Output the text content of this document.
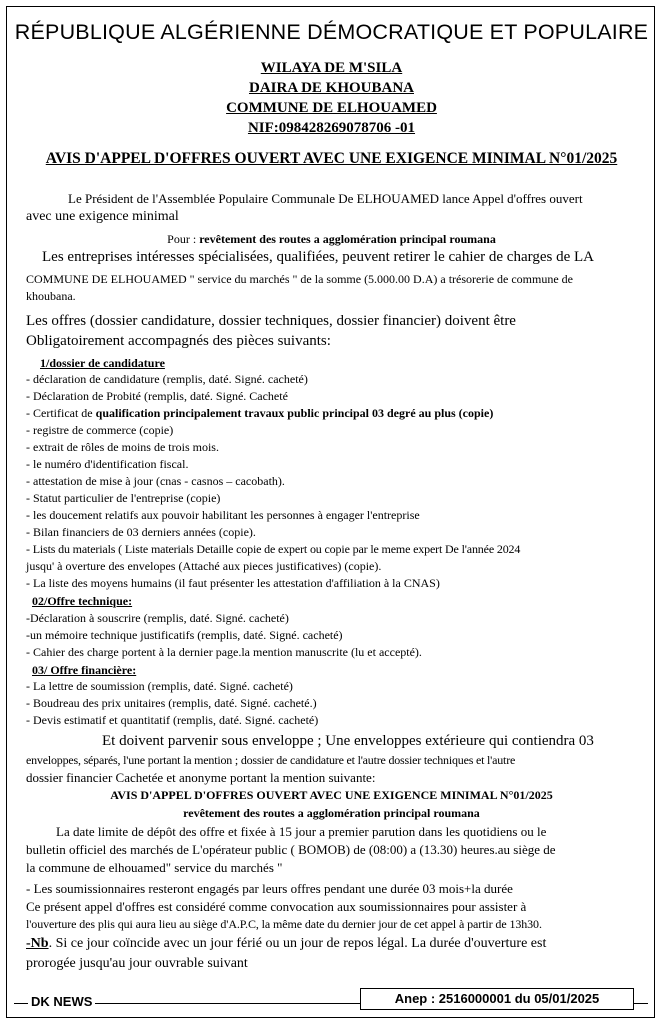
RÉPUBLIQUE ALGÉRIENNE DÉMOCRATIQUE ET POPULAIRE
WILAYA DE M'SILA
DAIRA DE KHOUBANA
COMMUNE DE ELHOUAMED
NIF:098428269078706 -01
AVIS D'APPEL D'OFFRES OUVERT AVEC UNE EXIGENCE MINIMAL N°01/2025
Le Président de l'Assemblée Populaire Communale De ELHOUAMED lance Appel d'offres ouvert
avec une exigence minimal
Pour : revêtement des routes a agglomération principal roumana
Les entreprises intéresses spécialisées, qualifiées, peuvent retirer le cahier de charges de LA
COMMUNE DE ELHOUAMED " service du marchés " de la somme (5.000.00 D.A) a trésorerie de commune de
khoubana.
Les offres (dossier candidature, dossier techniques, dossier financier) doivent être
Obligatoirement accompagnés des pièces suivants:
1/dossier de candidature
- déclaration de candidature (remplis, daté. Signé. cacheté)
- Déclaration de Probité (remplis, daté. Signé. Cacheté
- Certificat de qualification principalement travaux public principal 03 degré au plus (copie)
- registre de commerce (copie)
- extrait de rôles de moins de trois mois.
- le numéro d'identification fiscal.
- attestation de mise à jour (cnas - casnos – cacobath).
- Statut particulier de l'entreprise (copie)
- les doucement relatifs aux pouvoir habilitant les personnes à engager l'entreprise
- Bilan financiers de 03 derniers années (copie).
- Lists du materials ( Liste materials Detaille copie de expert ou copie par le meme expert De l'année 2024
jusqu' à overture des envelopes (Attaché aux pieces justificatives) (copie).
- La liste des moyens humains (il faut présenter les attestation d'affiliation à la CNAS)
02/Offre technique:
-Déclaration à souscrire (remplis, daté. Signé. cacheté)
-un mémoire technique justificatifs (remplis, daté. Signé. cacheté)
- Cahier des charge portent à la dernier page.la mention manuscrite (lu et accepté).
03/ Offre financière:
- La lettre de soumission (remplis, daté. Signé. cacheté)
- Boudreau des prix unitaires (remplis, daté. Signé. cacheté.)
- Devis estimatif et quantitatif (remplis, daté. Signé. cacheté)
Et doivent parvenir sous enveloppe ; Une enveloppes extérieure qui contiendra 03
enveloppes, séparés, l'une portant la mention ; dossier de candidature et l'autre dossier techniques et l'autre
dossier financier Cachetée et anonyme portant la mention suivante:
AVIS D'APPEL D'OFFRES OUVERT AVEC UNE EXIGENCE MINIMAL N°01/2025
revêtement des routes a agglomération principal roumana
La date limite de dépôt des offre et fixée à 15 jour a premier parution dans les quotidiens ou le
bulletin officiel des marchés de L'opérateur public ( BOMOB) de (08:00) a (13.30) heures.au siège de
la commune de elhouamed" service du marchés "
- Les soumissionnaires resteront engagés par leurs offres pendant une durée 03 mois+la durée
Ce présent appel d'offres est considéré comme convocation aux soumissionnaires pour assister à
l'ouverture des plis qui aura lieu au siège d'A.P.C, la même date du dernier jour de cet appel à partir de 13h30.
-Nb. Si ce jour coïncide avec un jour férié ou un jour de repos légal. La durée d'ouverture est
prorogée jusqu'au jour ouvrable suivant
DK NEWS	Anep : 2516000001 du 05/01/2025
